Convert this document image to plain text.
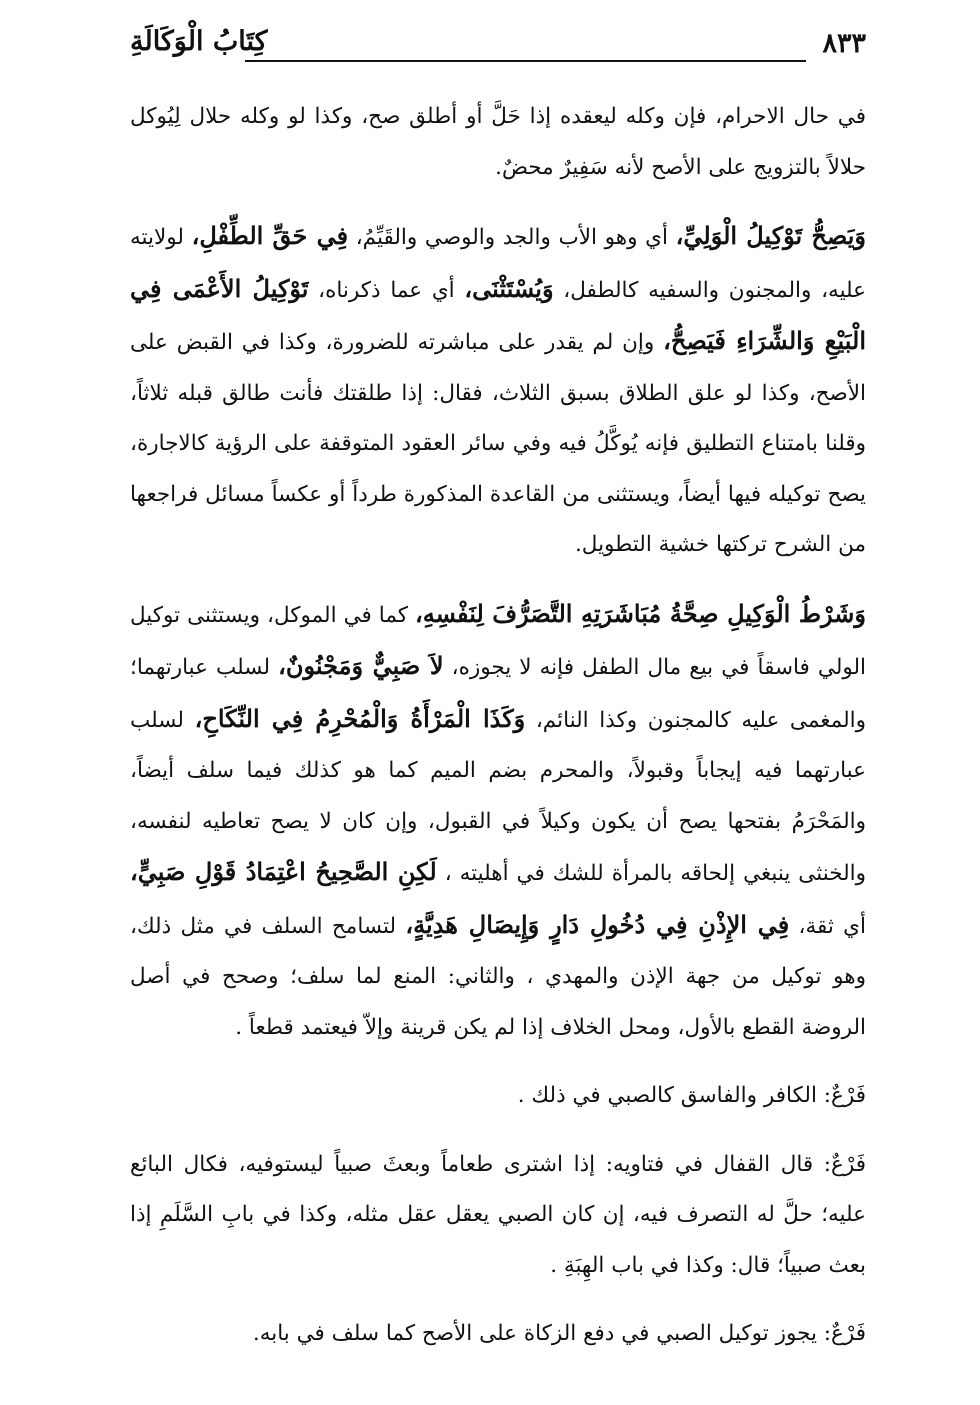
٨٣٣
كِتَابُ الْوَكَالَةِ

في حال الاحرام، فإن وكله ليعقده إذا حَلَّ أو أطلق صح، وكذا لو وكله حلال لِيُوكل حلالاً بالتزويج على الأصح لأنه سَفِيرٌ محضٌ.

وَيَصِحُّ تَوْكِيلُ الْوَلِيِّ، أي وهو الأب والجد والوصي والقَيِّمُ، فِي حَقِّ الطِّفْلِ، لولايته عليه، والمجنون والسفيه كالطفل، وَيُسْتَثْنَى، أي عما ذكرناه، تَوْكِيلُ الأَعْمَى فِي الْبَيْعِ وَالشِّرَاءِ فَيَصِحُّ، وإن لم يقدر على مباشرته للضرورة، وكذا في القبض على الأصح، وكذا لو علق الطلاق بسبق الثلاث، فقال: إذا طلقتك فأنت طالق قبله ثلاثاً، وقلنا بامتناع التطليق فإنه يُوكَّلُ فيه وفي سائر العقود المتوقفة على الرؤية كالاجارة، يصح توكيله فيها أيضاً، ويستثنى من القاعدة المذكورة طرداً أو عكساً مسائل فراجعها من الشرح تركتها خشية التطويل.

وَشَرْطُ الْوَكِيلِ صِحَّةُ مُبَاشَرَتِهِ التَّصَرُّفَ لِنَفْسِهِ، كما في الموكل، ويستثنى توكيل الولي فاسقاً في بيع مال الطفل فإنه لا يجوزه، لاَ صَبِيٌّ وَمَجْنُونٌ، لسلب عبارتهما؛ والمغمى عليه كالمجنون وكذا النائم، وَكَذَا الْمَرْأَةُ وَالْمُحْرِمُ فِي النِّكَاحِ، لسلب عبارتهما فيه إيجاباً وقبولاً، والمحرم بضم الميم كما هو كذلك فيما سلف أيضاً، والمَحْرَمُ بفتحها يصح أن يكون وكيلاً في القبول، وإن كان لا يصح تعاطيه لنفسه، والخنثى ينبغي إلحاقه بالمرأة للشك في أهليته ، لَكِنِ الصَّحِيحُ اعْتِمَادُ قَوْلِ صَبِيٍّ، أي ثقة، فِي الإِذْنِ فِي دُخُولِ دَارٍ وَإِيصَالِ هَدِيَّةٍ، لتسامح السلف في مثل ذلك، وهو توكيل من جهة الإذن والمهدي ، والثاني: المنع لما سلف؛ وصحح في أصل الروضة القطع بالأول، ومحل الخلاف إذا لم يكن قرينة وإلاّ فيعتمد قطعاً .

فَرْعٌ: الكافر والفاسق كالصبي في ذلك .

فَرْعٌ: قال القفال في فتاويه: إذا اشترى طعاماً وبعثَ صبياً ليستوفيه، فكال البائع عليه؛ حلَّ له التصرف فيه، إن كان الصبي يعقل عقل مثله، وكذا في بابِ السَّلَمِ إذا بعث صبياً؛ قال: وكذا في باب الهِبَةِ .

فَرْعٌ: يجوز توكيل الصبي في دفع الزكاة على الأصح كما سلف في بابه.
